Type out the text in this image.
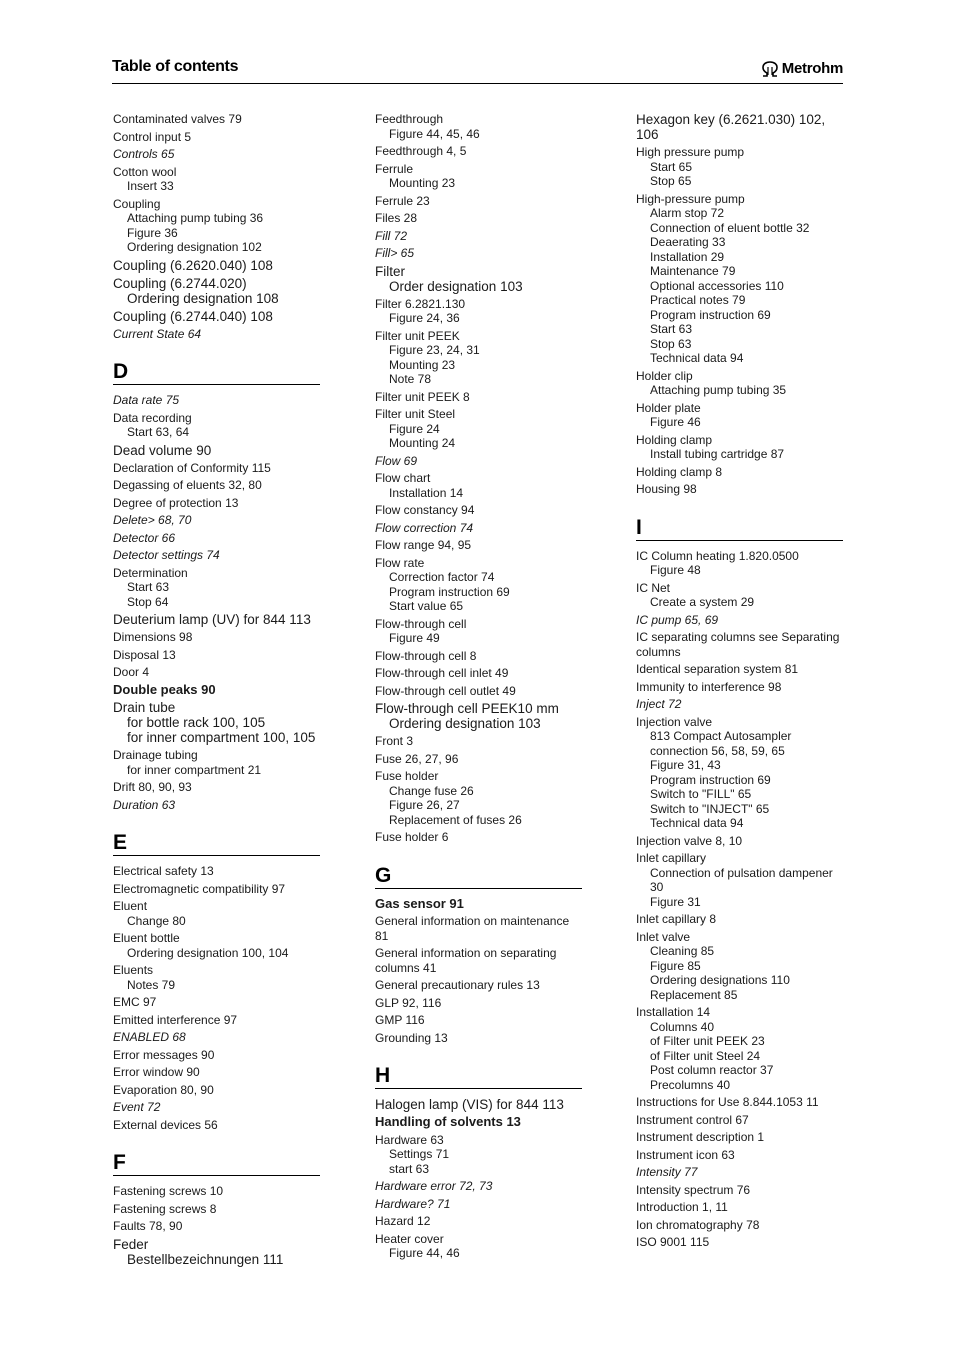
Table of contents	Metrohm
Contaminated valves 79
Control input 5
Controls 65
Cotton wool
Insert 33
Coupling
Attaching pump tubing 36
Figure 36
Ordering designation 102
Coupling (6.2620.040) 108
Coupling (6.2744.020)
Ordering designation 108
Coupling (6.2744.040) 108
Current State 64
D
Data rate 75
Data recording
Start 63, 64
Dead volume 90
Declaration of Conformity 115
Degassing of eluents 32, 80
Degree of protection 13
Delete> 68, 70
Detector 66
Detector settings 74
Determination
Start 63
Stop 64
Deuterium lamp (UV) for 844 113
Dimensions 98
Disposal 13
Door 4
Double peaks 90
Drain tube
for bottle rack 100, 105
for inner compartment 100, 105
Drainage tubing
for inner compartment 21
Drift 80, 90, 93
Duration 63
E
Electrical safety 13
Electromagnetic compatibility 97
Eluent
Change 80
Eluent bottle
Ordering designation 100, 104
Eluents
Notes 79
EMC 97
Emitted interference 97
ENABLED 68
Error messages 90
Error window 90
Evaporation 80, 90
Event 72
External devices 56
F
Fastening screws 10
Fastening screws 8
Faults 78, 90
Feder
Bestellbezeichnungen 111
Feedthrough
Figure 44, 45, 46
Feedthrough 4, 5
Ferrule
Mounting 23
Ferrule 23
Files 28
Fill 72
Fill> 65
Filter
Order designation 103
Filter 6.2821.130
Figure 24, 36
Filter unit PEEK
Figure 23, 24, 31
Mounting 23
Note 78
Filter unit PEEK 8
Filter unit Steel
Figure 24
Mounting 24
Flow 69
Flow chart
Installation 14
Flow constancy 94
Flow correction 74
Flow range 94, 95
Flow rate
Correction factor 74
Program instruction 69
Start value 65
Flow-through cell
Figure 49
Flow-through cell 8
Flow-through cell inlet 49
Flow-through cell outlet 49
Flow-through cell PEEK10 mm
Ordering designation 103
Front 3
Fuse 26, 27, 96
Fuse holder
Change fuse 26
Figure 26, 27
Replacement of fuses 26
Fuse holder 6
G
Gas sensor 91
General information on maintenance 81
General information on separating columns 41
General precautionary rules 13
GLP 92, 116
GMP 116
Grounding 13
H
Halogen lamp (VIS) for 844 113
Handling of solvents 13
Hardware 63
Settings 71
start 63
Hardware error 72, 73
Hardware? 71
Hazard 12
Heater cover
Figure 44, 46
Hexagon key (6.2621.030) 102, 106
High pressure pump
Start 65
Stop 65
High-pressure pump
Alarm stop 72
Connection of eluent bottle 32
Deaerating 33
Installation 29
Maintenance 79
Optional accessories 110
Practical notes 79
Program instruction 69
Start 63
Stop 63
Technical data 94
Holder clip
Attaching pump tubing 35
Holder plate
Figure 46
Holding clamp
Install tubing cartridge 87
Holding clamp 8
Housing 98
I
IC Column heating 1.820.0500
Figure 48
IC Net
Create a system 29
IC pump 65, 69
IC separating columns see Separating columns
Identical separation system 81
Immunity to interference 98
Inject 72
Injection valve
813 Compact Autosampler connection 56, 58, 59, 65
Figure 31, 43
Program instruction 69
Switch to "FILL" 65
Switch to "INJECT" 65
Technical data 94
Injection valve 8, 10
Inlet capillary
Connection of pulsation dampener 30
Figure 31
Inlet capillary 8
Inlet valve
Cleaning 85
Figure 85
Ordering designations 110
Replacement 85
Installation 14
Columns 40
of Filter unit PEEK 23
of Filter unit Steel 24
Post column reactor 37
Precolumns 40
Instructions for Use 8.844.1053 11
Instrument control 67
Instrument description 1
Instrument icon 63
Intensity 77
Intensity spectrum 76
Introduction 1, 11
Ion chromatography 78
ISO 9001 115
